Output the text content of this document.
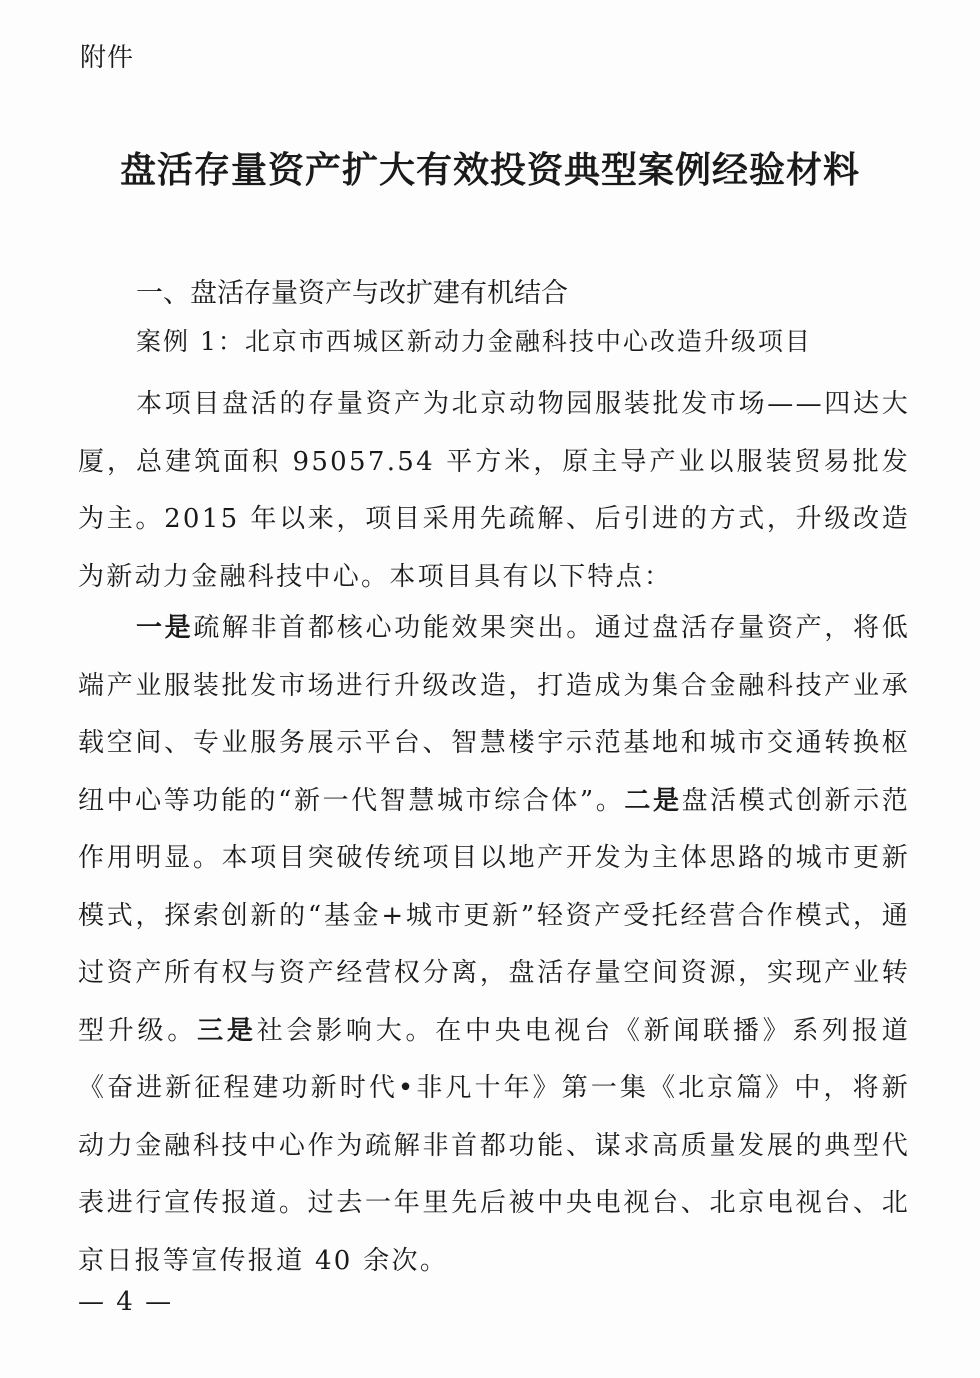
附件
盘活存量资产扩大有效投资典型案例经验材料
一、盘活存量资产与改扩建有机结合
案例 1：北京市西城区新动力金融科技中心改造升级项目

本项目盘活的存量资产为北京动物园服装批发市场——四达大厦，总建筑面积 95057.54 平方米，原主导产业以服装贸易批发为主。2015 年以来，项目采用先疏解、后引进的方式，升级改造为新动力金融科技中心。本项目具有以下特点：

一是疏解非首都核心功能效果突出。通过盘活存量资产，将低端产业服装批发市场进行升级改造，打造成为集合金融科技产业承载空间、专业服务展示平台、智慧楼宇示范基地和城市交通转换枢纽中心等功能的“新一代智慧城市综合体”。二是盘活模式创新示范作用明显。本项目突破传统项目以地产开发为主体思路的城市更新模式，探索创新的“基金+城市更新”轻资产受托经营合作模式，通过资产所有权与资产经营权分离，盘活存量空间资源，实现产业转型升级。三是社会影响大。在中央电视台《新闻联播》系列报道《奋进新征程建功新时代•非凡十年》第一集《北京篇》中，将新动力金融科技中心作为疏解非首都功能、谋求高质量发展的典型代表进行宣传报道。过去一年里先后被中央电视台、北京电视台、北京日报等宣传报道 40 余次。

— 4 —
